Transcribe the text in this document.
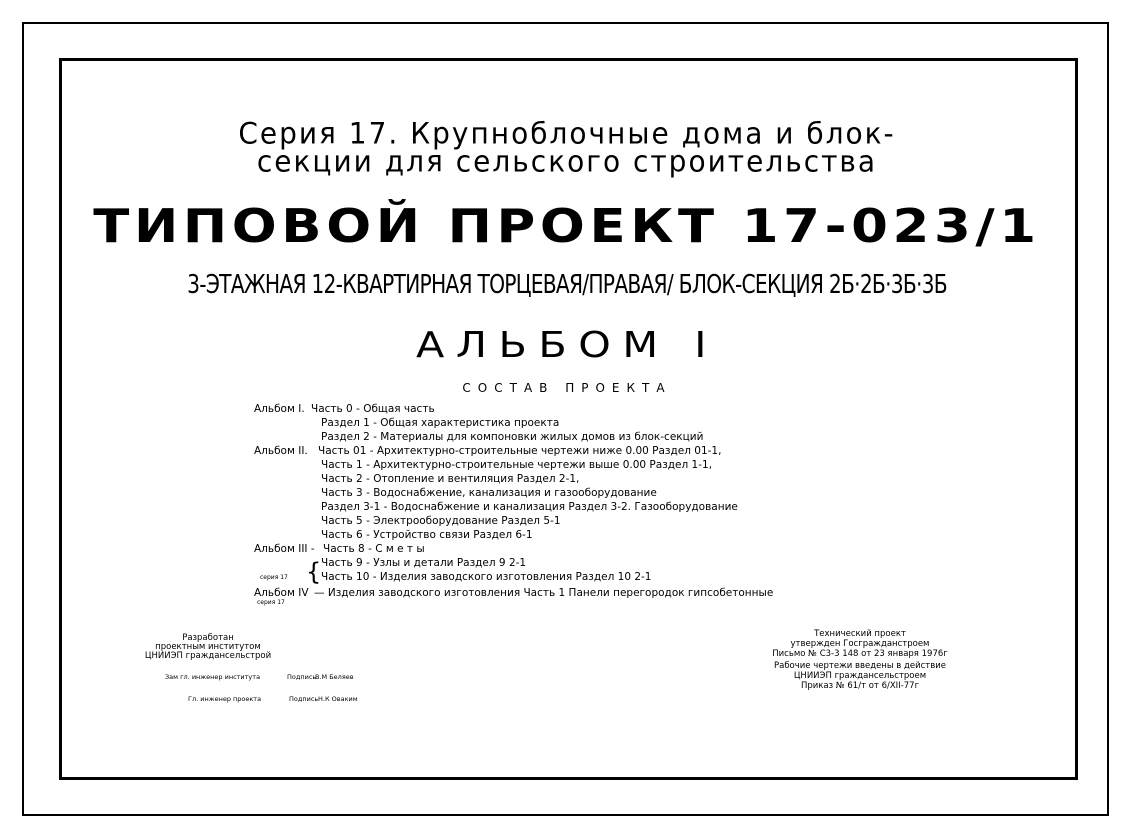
Серия 17. Крупноблочные дома и блок-
секции для сельского строительства
ТИПОВОЙ ПРОЕКТ 17-023/1
3-ЭТАЖНАЯ 12-КВАРТИРНАЯ ТОРЦЕВАЯ/ПРАВАЯ/ БЛОК-СЕКЦИЯ 2Б·2Б·3Б·3Б
АЛЬБОМ I
СОСТАВ ПРОЕКТА
Альбом I. Часть 0 - Общая часть
Раздел 1 - Общая характеристика проекта
Раздел 2 - Материалы для компоновки жилых домов из блок-секций
Альбом II. Часть 01 - Архитектурно-строительные чертежи ниже 0.00 Раздел 01-1,
Часть 1 - Архитектурно-строительные чертежи выше 0.00 Раздел 1-1,
Часть 2 - Отопление и вентиляция Раздел 2-1,
Часть 3 - Водоснабжение, канализация и газооборудование
Раздел 3-1 - Водоснабжение и канализация Раздел 3-2. Газооборудование
Часть 5 - Электрооборудование Раздел 5-1
Часть 6 - Устройство связи Раздел 6-1
Альбом III - Часть 8 - С м е т ы
серия 17 { Часть 9 - Узлы и детали Раздел 9 2-1
Часть 10 - Изделия заводского изготовления Раздел 10 2-1
Альбом IV — Изделия заводского изготовления Часть 1 Панели перегородок гипсобетонные
серия 17
Разработан
проектным институтом
ЦНИИЭП граждансельстрой
Зам гл. инженер института	Подпись
В.М Беляев
Гл. инженер проекта	Подпись Н.К Оваким
Технический проект
утвержден Госгражданстроем
Письмо № С3-3 148 от 23 января 1976г
Рабочие чертежи введены в действие
ЦНИИЭП граждансельстроем
Приказ № 61/т от 6/XII-77г
